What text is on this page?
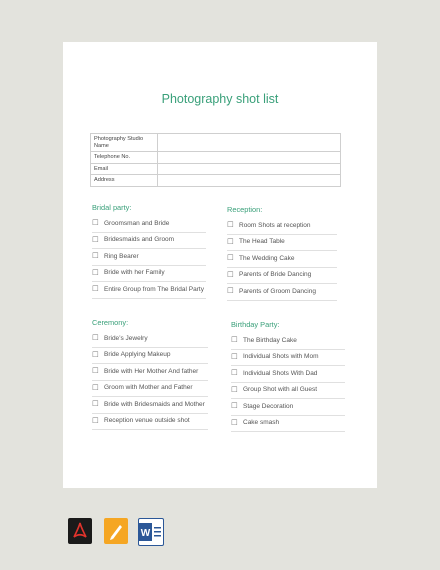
Photography shot list
Photography Studio Name	
Telephone No.	
Email	
Address	
Bridal party:
☐ Groomsman and Bride
☐ Bridesmaids and Groom
☐ Ring Bearer
☐ Bride with her Family
☐ Entire Group from The Bridal Party
Reception:
☐ Room Shots at reception
☐ The Head Table
☐ The Wedding Cake
☐ Parents of Bride Dancing
☐ Parents of Groom Dancing
Ceremony:
☐ Bride’s Jewelry
☐ Bride Applying Makeup
☐ Bride with Her Mother And father
☐ Groom with Mother and Father
☐ Bride with Bridesmaids and Mother
☐ Reception venue outside shot
Birthday Party:
☐ The Birthday Cake
☐ Individual Shots with Mom
☐ Individual Shots With Dad
☐ Group Shot with all Guest
☐ Stage Decoration
☐ Cake smash
W
